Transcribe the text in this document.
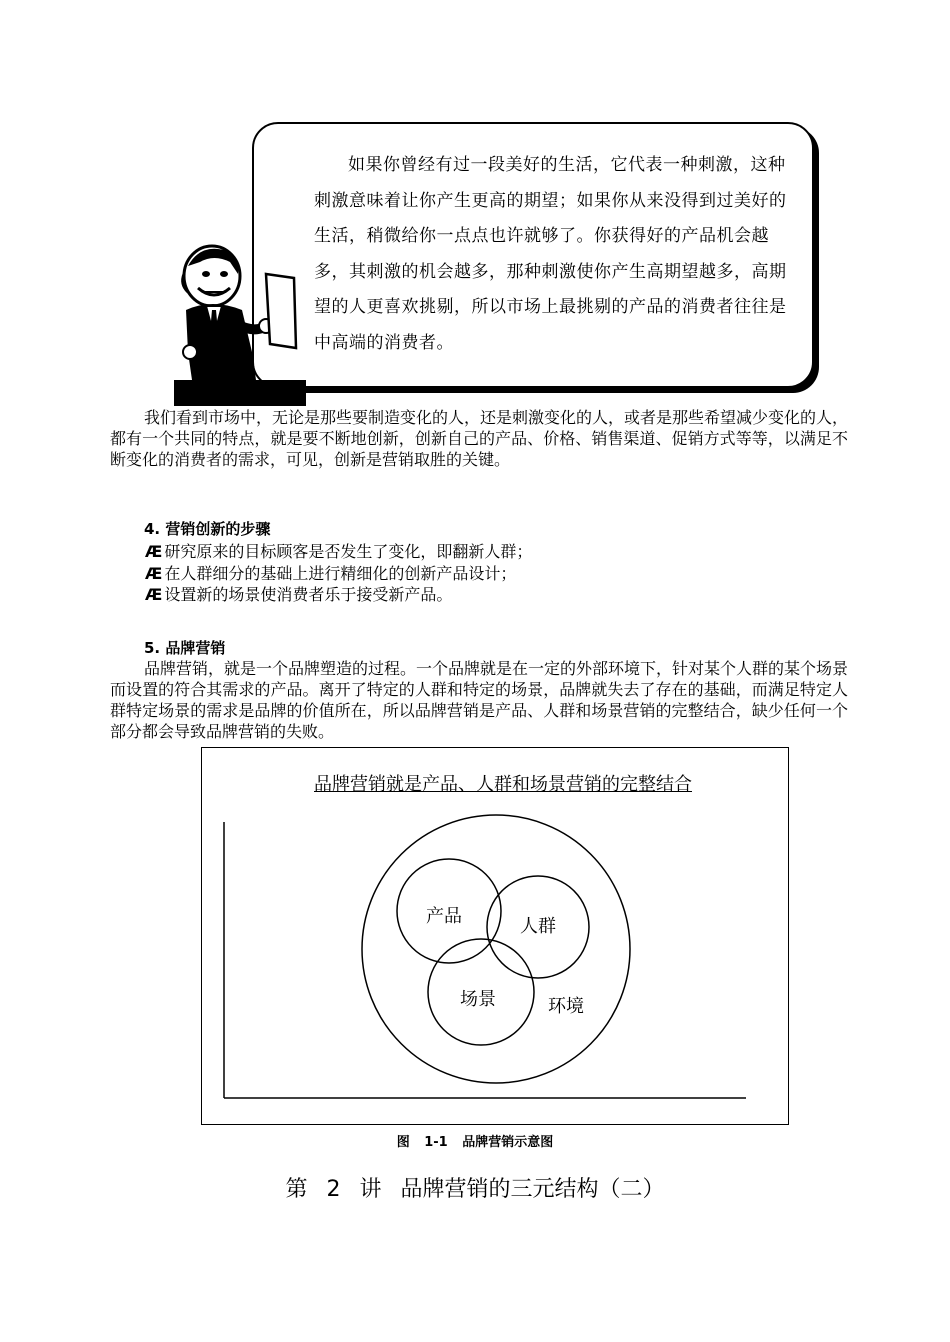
如果你曾经有过一段美好的生活，它代表一种刺激，这种刺激意味着让你产生更高的期望；如果你从来没得到过美好的生活，稍微给你一点点也许就够了。你获得好的产品机会越多，其刺激的机会越多，那种刺激使你产生高期望越多，高期望的人更喜欢挑剔，所以市场上最挑剔的产品的消费者往往是中高端的消费者。
我们看到市场中，无论是那些要制造变化的人，还是刺激变化的人，或者是那些希望减少变化的人，都有一个共同的特点，就是要不断地创新，创新自己的产品、价格、销售渠道、促销方式等等，以满足不断变化的消费者的需求，可见，创新是营销取胜的关键。
4. 营销创新的步骤
Æ 研究原来的目标顾客是否发生了变化，即翻新人群；
Æ 在人群细分的基础上进行精细化的创新产品设计；
Æ 设置新的场景使消费者乐于接受新产品。
5. 品牌营销
品牌营销，就是一个品牌塑造的过程。一个品牌就是在一定的外部环境下，针对某个人群的某个场景而设置的符合其需求的产品。离开了特定的人群和特定的场景，品牌就失去了存在的基础，而满足特定人群特定场景的需求是品牌的价值所在，所以品牌营销是产品、人群和场景营销的完整结合，缺少任何一个部分都会导致品牌营销的失败。
产品	人群
场景	环境
品牌营销就是产品、人群和场景营销的完整结合
图 1-1 品牌营销示意图
第 2 讲 品牌营销的三元结构（二）
